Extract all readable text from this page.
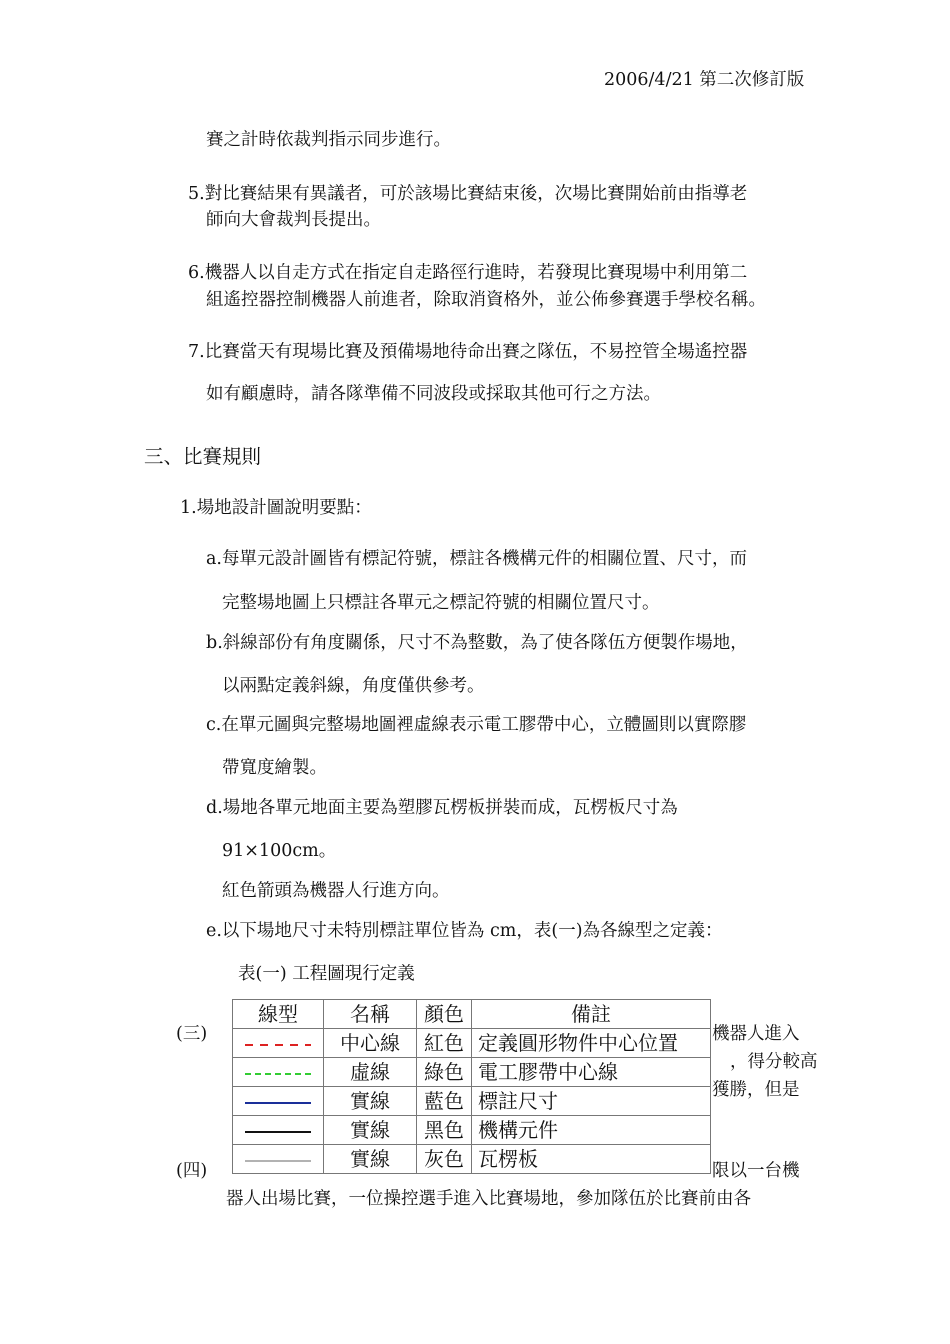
2006/4/21 第二次修訂版
賽之計時依裁判指示同步進行。
5.對比賽結果有異議者，可於該場比賽結束後，次場比賽開始前由指導老
師向大會裁判長提出。
6.機器人以自走方式在指定自走路徑行進時，若發現比賽現場中利用第二
組遙控器控制機器人前進者，除取消資格外，並公佈參賽選手學校名稱。
7.比賽當天有現場比賽及預備場地待命出賽之隊伍，不易控管全場遙控器
如有顧慮時，請各隊準備不同波段或採取其他可行之方法。
三、比賽規則
1.場地設計圖說明要點：
a.每單元設計圖皆有標記符號，標註各機構元件的相關位置、尺寸，而
完整場地圖上只標註各單元之標記符號的相關位置尺寸。
b.斜線部份有角度關係，尺寸不為整數，為了使各隊伍方便製作場地，
以兩點定義斜線，角度僅供參考。
c.在單元圖與完整場地圖裡虛線表示電工膠帶中心，立體圖則以實際膠
帶寬度繪製。
d.場地各單元地面主要為塑膠瓦楞板拼裝而成，瓦楞板尺寸為
91×100cm。
紅色箭頭為機器人行進方向。
e.以下場地尺寸未特別標註單位皆為 cm，表(一)為各線型之定義：
表(一) 工程圖現行定義
(三)	機器人進入
，得分較高
獲勝，但是
(四)	限以一台機
器人出場比賽，一位操控選手進入比賽場地，參加隊伍於比賽前由各
線型	名稱	顏色	備註
	中心線	紅色	定義圓形物件中心位置
	虛線	綠色	電工膠帶中心線
	實線	藍色	標註尺寸
	實線	黑色	機構元件
	實線	灰色	瓦楞板
